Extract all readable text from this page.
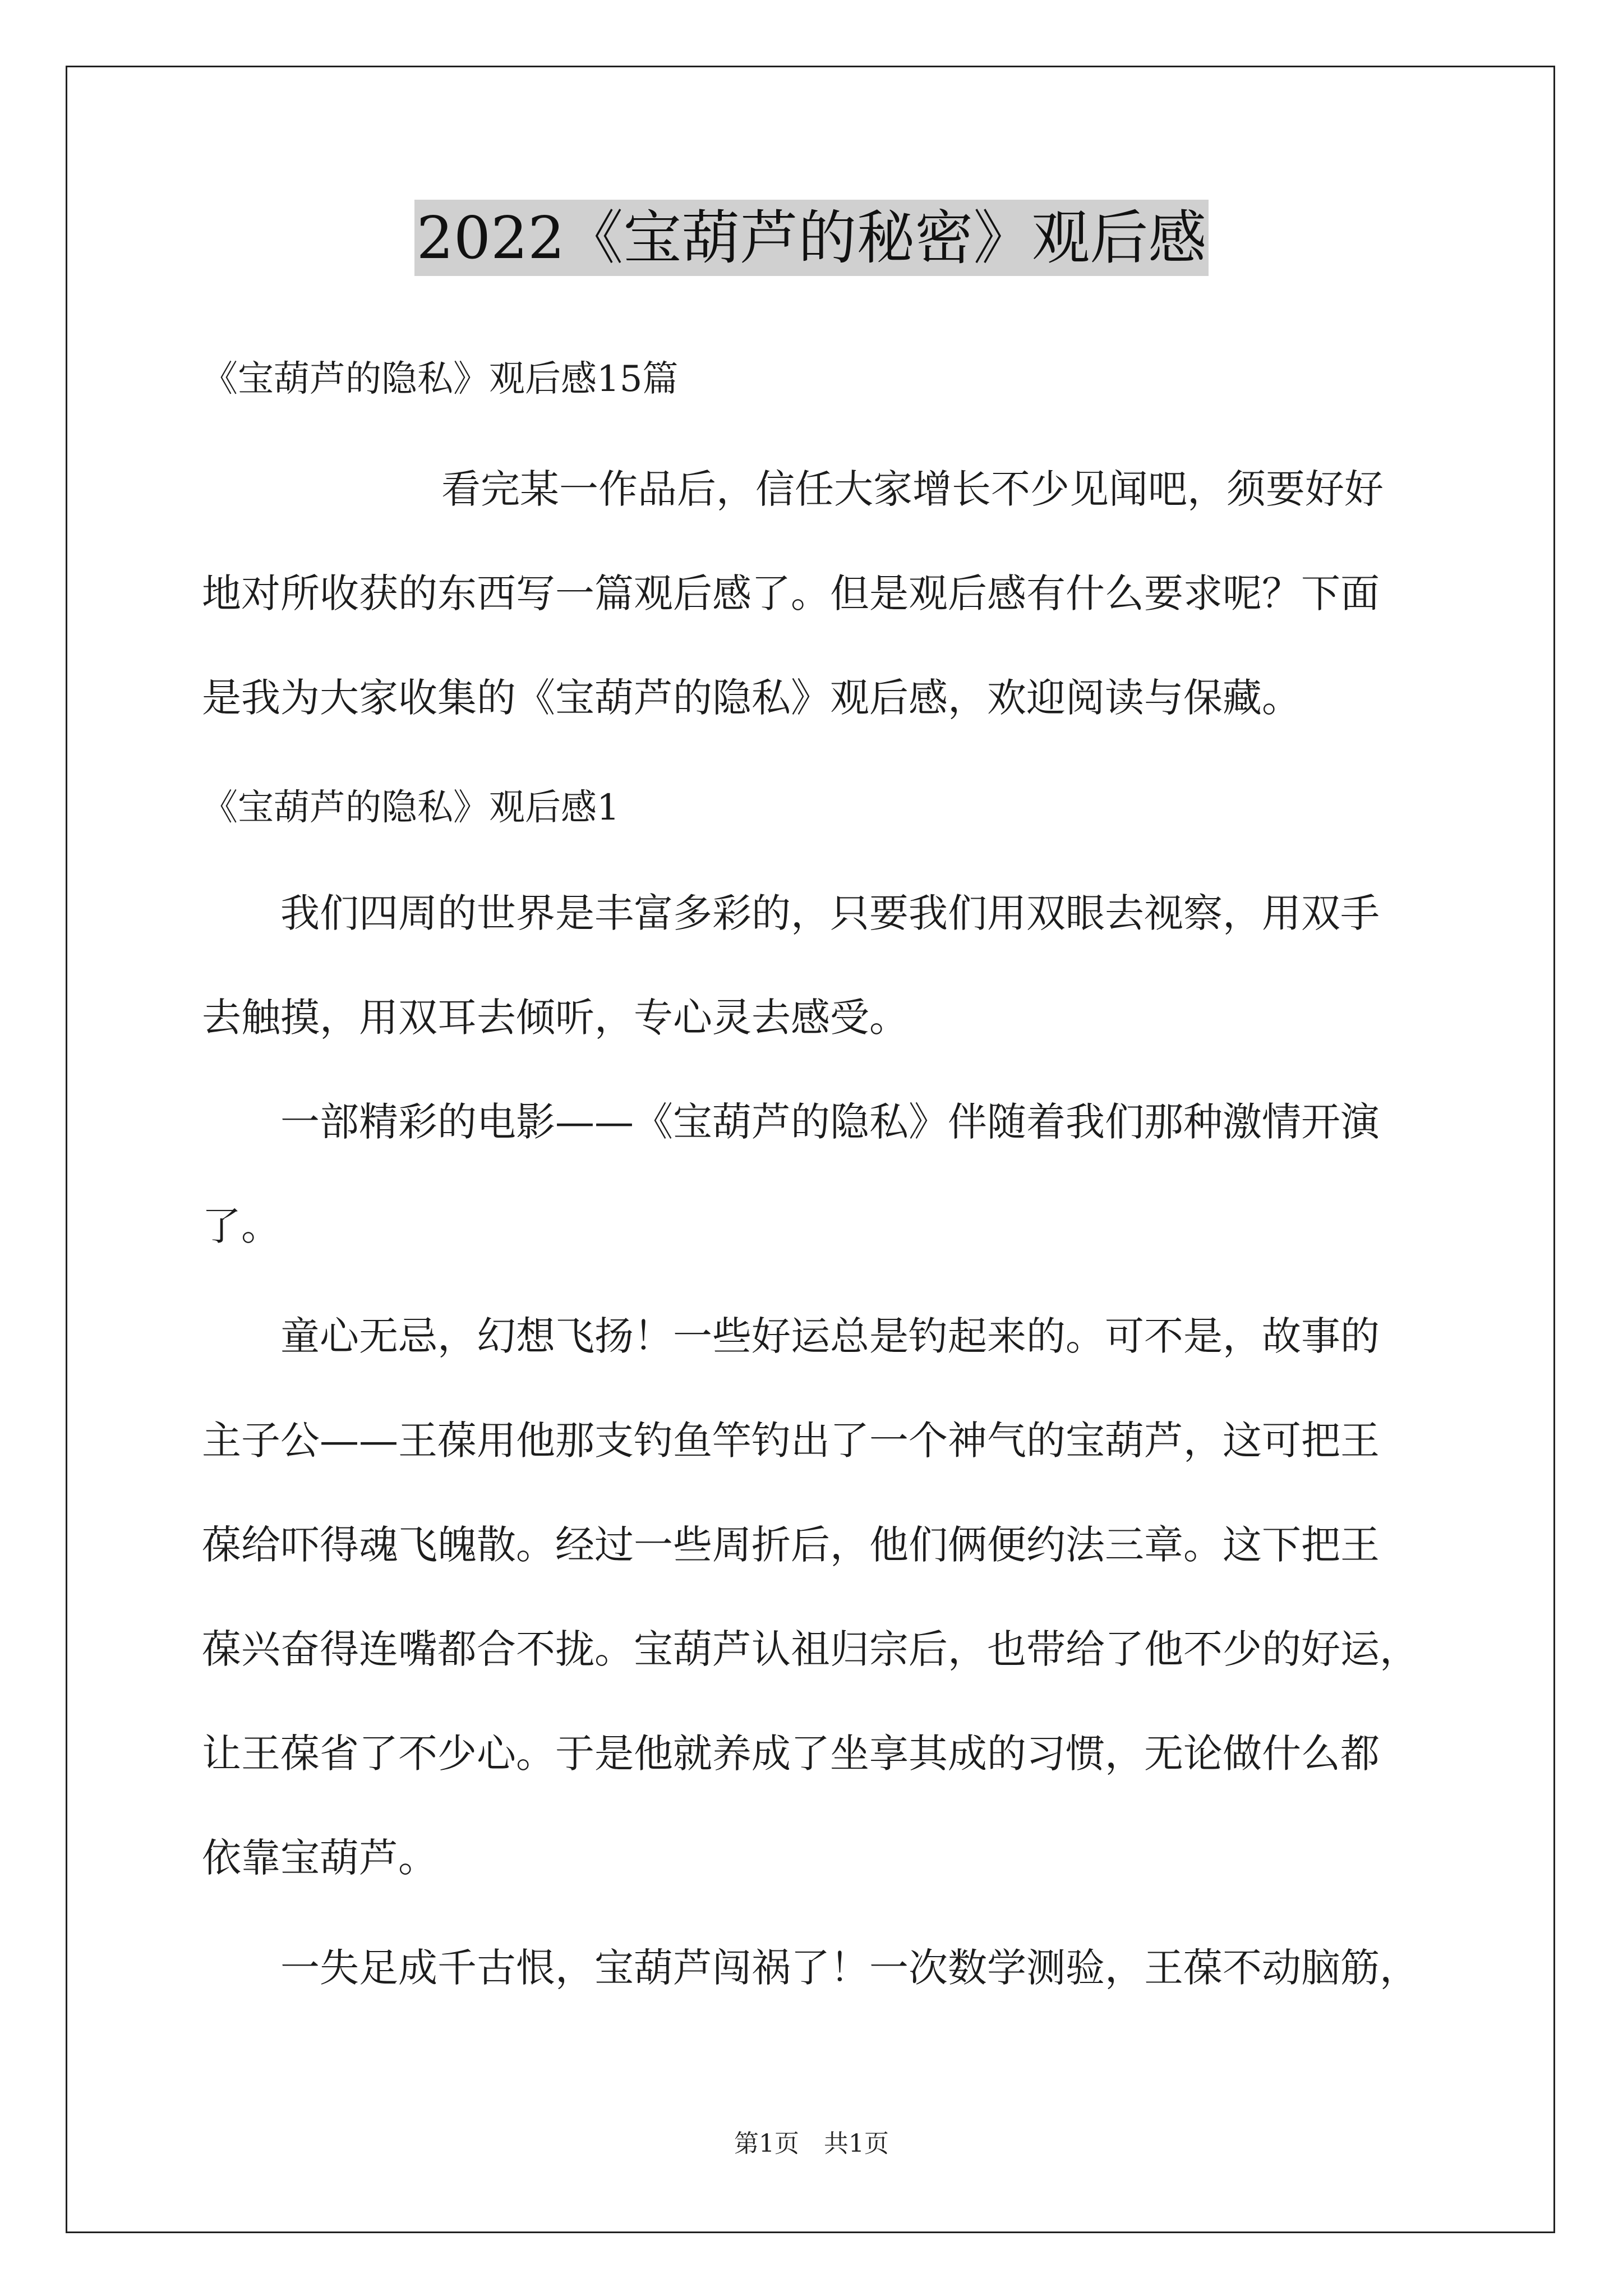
2022《宝葫芦的秘密》观后感
《宝葫芦的隐私》观后感15篇
看完某一作品后，信任大家增长不少见闻吧，须要好好
地对所收获的东西写一篇观后感了。但是观后感有什么要求呢？下面
是我为大家收集的《宝葫芦的隐私》观后感，欢迎阅读与保藏。
《宝葫芦的隐私》观后感1
我们四周的世界是丰富多彩的，只要我们用双眼去视察，用双手
去触摸，用双耳去倾听，专心灵去感受。
一部精彩的电影——《宝葫芦的隐私》伴随着我们那种激情开演
了。
童心无忌，幻想飞扬！一些好运总是钓起来的。可不是，故事的
主子公——王葆用他那支钓鱼竿钓出了一个神气的宝葫芦，这可把王
葆给吓得魂飞魄散。经过一些周折后，他们俩便约法三章。这下把王
葆兴奋得连嘴都合不拢。宝葫芦认祖归宗后，也带给了他不少的好运，
让王葆省了不少心。于是他就养成了坐享其成的习惯，无论做什么都
依靠宝葫芦。
一失足成千古恨，宝葫芦闯祸了！一次数学测验，王葆不动脑筋，
第1页　共1页
